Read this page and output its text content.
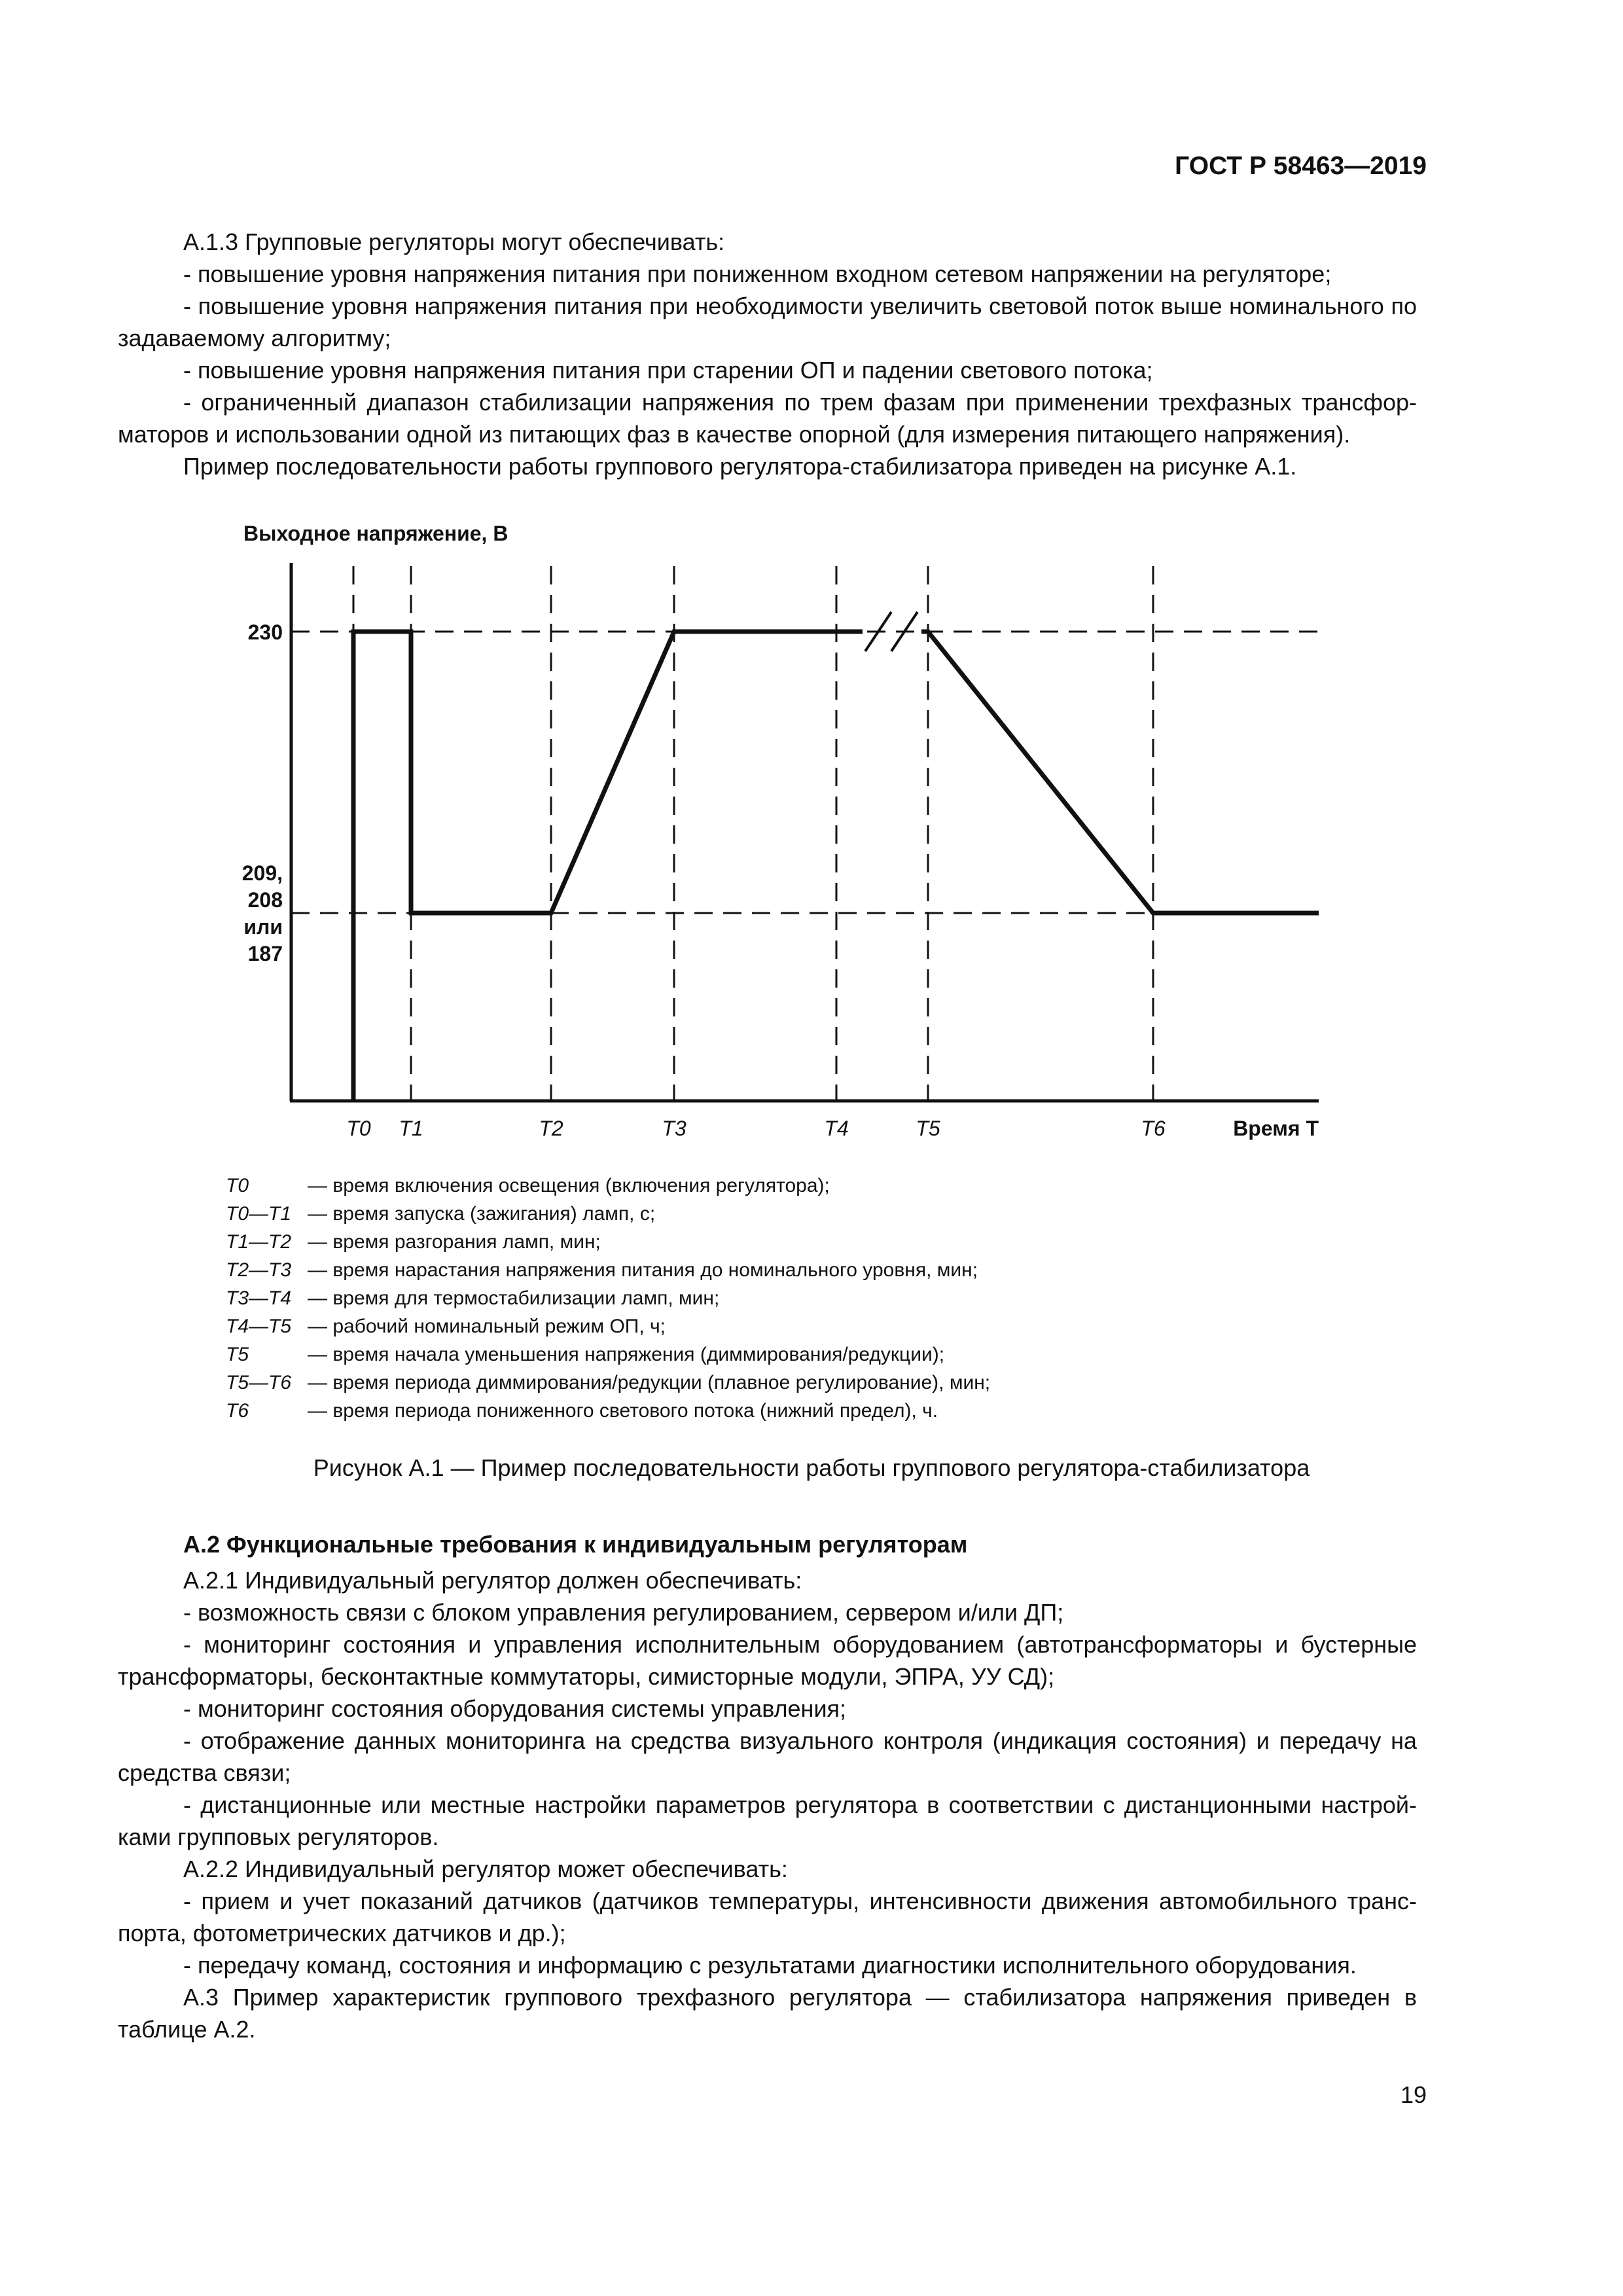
ГОСТ Р 58463—2019

А.1.3 Групповые регуляторы могут обеспечивать:

- повышение уровня напряжения питания при пониженном входном сетевом напряжении на регуляторе;

- повышение уровня напряжения питания при необходимости увеличить световой поток выше номинального по задаваемому алгоритму;

- повышение уровня напряжения питания при старении ОП и падении светового потока;

- ограниченный диапазон стабилизации напряжения по трем фазам при применении трехфазных трансфор-маторов и использовании одной из питающих фаз в качестве опорной (для измерения питающего напряжения).

Пример последовательности работы группового регулятора-стабилизатора приведен на рисунке А.1.

Выходное напряжение, В
230
209, 208 или 187
T0 T1	T2	T3	T4	T5	T6	Время T
T0	— время включения освещения (включения регулятора);
T0—T1 — время запуска (зажигания) ламп, с;
T1—T2 — время разгорания ламп, мин;
T2—T3 — время нарастания напряжения питания до номинального уровня, мин;
T3—T4 — время для термостабилизации ламп, мин;
T4—T5 — рабочий номинальный режим ОП, ч;
T5	— время начала уменьшения напряжения (диммирования/редукции);
T5—T6 — время периода диммирования/редукции (плавное регулирование), мин;
T6	— время периода пониженного светового потока (нижний предел), ч.
Рисунок А.1 — Пример последовательности работы группового регулятора-стабилизатора

А.2 Функциональные требования к индивидуальным регуляторам

А.2.1 Индивидуальный регулятор должен обеспечивать:

- возможность связи с блоком управления регулированием, сервером и/или ДП;

- мониторинг состояния и управления исполнительным оборудованием (автотрансформаторы и бустерные трансформаторы, бесконтактные коммутаторы, симисторные модули, ЭПРА, УУ СД);

- мониторинг состояния оборудования системы управления;

- отображение данных мониторинга на средства визуального контроля (индикация состояния) и передачу на средства связи;

- дистанционные или местные настройки параметров регулятора в соответствии с дистанционными настрой-ками групповых регуляторов.

А.2.2 Индивидуальный регулятор может обеспечивать:

- прием и учет показаний датчиков (датчиков температуры, интенсивности движения автомобильного транс-порта, фотометрических датчиков и др.);

- передачу команд, состояния и информацию с результатами диагностики исполнительного оборудования.

А.3 Пример характеристик группового трехфазного регулятора — стабилизатора напряжения приведен в таблице А.2.

19
